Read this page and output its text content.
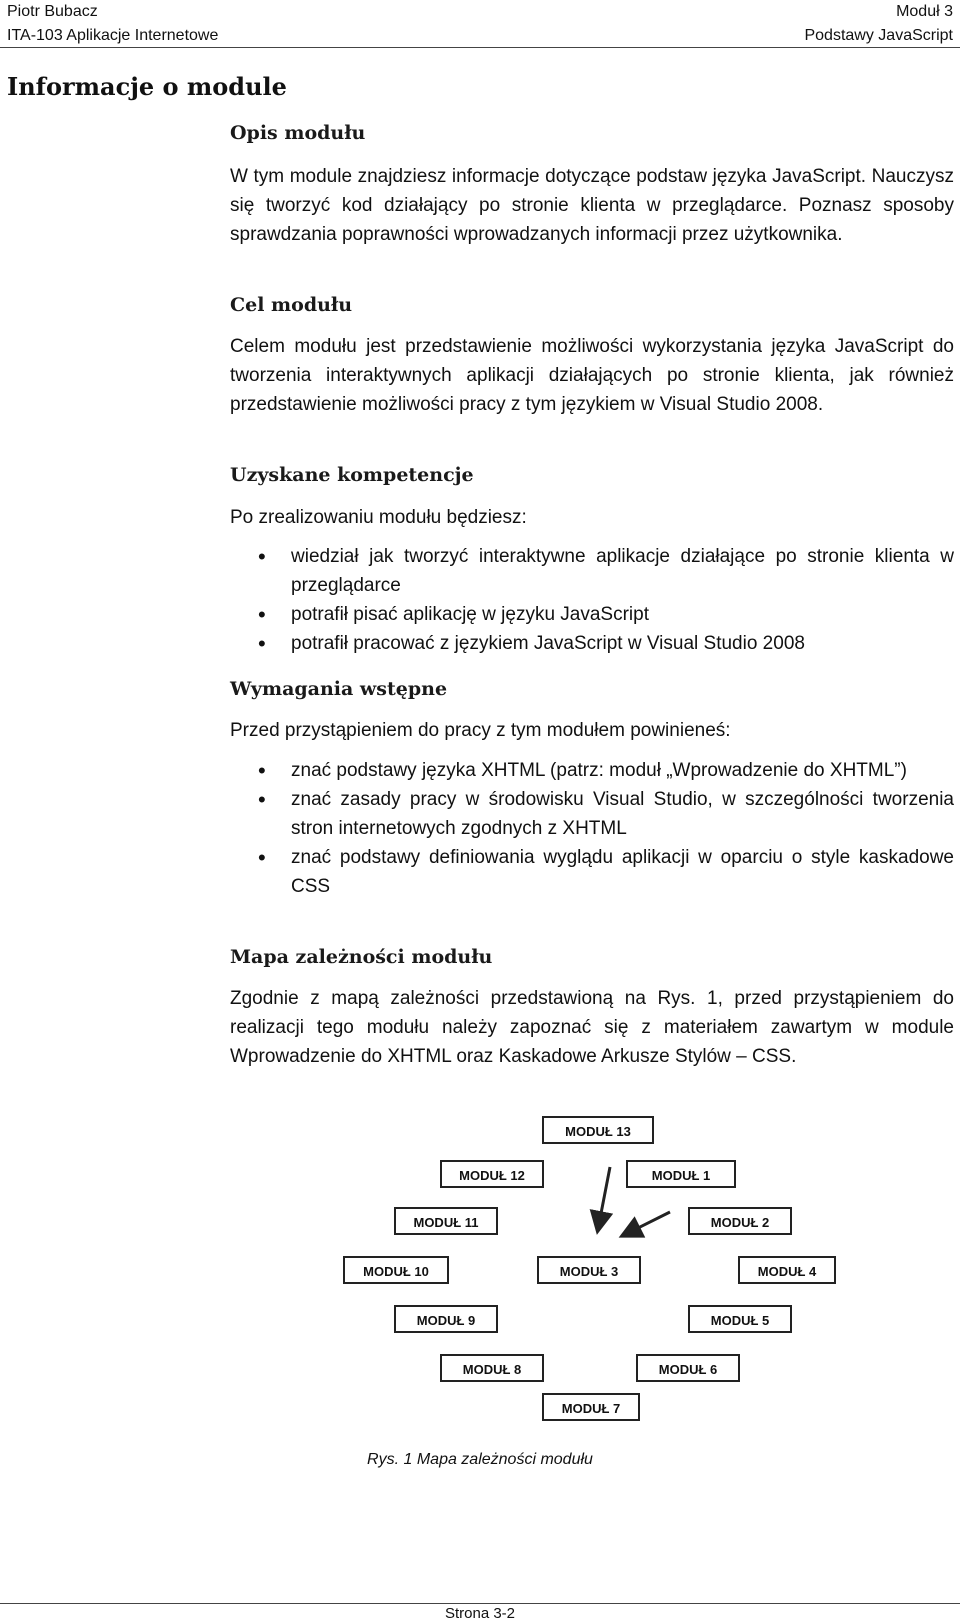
Piotr Bubacz
ITA-103 Aplikacje Internetowe
Moduł 3
Podstawy JavaScript
Informacje o module
Opis modułu
W tym module znajdziesz informacje dotyczące podstaw języka JavaScript. Nauczysz się tworzyć kod działający po stronie klienta w przeglądarce. Poznasz sposoby sprawdzania poprawności wprowadzanych informacji przez użytkownika.
Cel modułu
Celem modułu jest przedstawienie możliwości wykorzystania języka JavaScript do tworzenia interaktywnych aplikacji działających po stronie klienta, jak również przedstawienie możliwości pracy z tym językiem w Visual Studio 2008.
Uzyskane kompetencje
Po zrealizowaniu modułu będziesz:
• wiedział jak tworzyć interaktywne aplikacje działające po stronie klienta w przeglądarce
• potrafił pisać aplikację w języku JavaScript
• potrafił pracować z językiem JavaScript w Visual Studio 2008
Wymagania wstępne
Przed przystąpieniem do pracy z tym modułem powinieneś:
• znać podstawy języka XHTML (patrz: moduł „Wprowadzenie do XHTML”)
• znać zasady pracy w środowisku Visual Studio, w szczególności tworzenia stron internetowych zgodnych z XHTML
• znać podstawy definiowania wyglądu aplikacji w oparciu o style kaskadowe CSS
Mapa zależności modułu
Zgodnie z mapą zależności przedstawioną na Rys. 1, przed przystąpieniem do realizacji tego modułu należy zapoznać się z materiałem zawartym w module Wprowadzenie do XHTML oraz Kaskadowe Arkusze Stylów – CSS.
MODUŁ 13
MODUŁ 12	MODUŁ 1
MODUŁ 11	MODUŁ 2
MODUŁ 10	MODUŁ 3	MODUŁ 4
MODUŁ 9	MODUŁ 5
MODUŁ 8	MODUŁ 6
MODUŁ 7
Rys. 1 Mapa zależności modułu
Strona 3-2
